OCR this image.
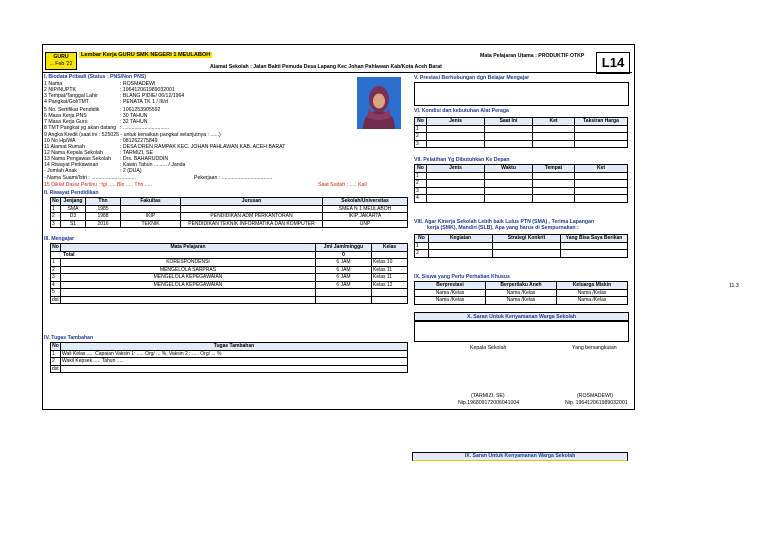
GURU
... Feb '22
Lembar Kerja GURU SMK NEGERI 1 MEULABOH
Alamat Sekolah : Jalan Bakti Pemuda Desa Lapang Kec Johan Pahlawan Kab/Kota Aceh Barat
Mata Pelajaran Utama : PRODUKTIF OTKP	L14
I. Biodata Pribadi (Status : PNS/Non PNS)
1 Nama	: ROSMADEWI
2 NIP/NUPTK	: 196412061989032001
3 Tempat/Tanggal Lahir	: BLANG PIDIE/ 06/12/1964
4 Pangkat/Gol/TMT	: PENATA TK 1 / III/d
5 No. Sertifikat Pendidik	: 1061253905592
6 Masa Kerja PNS	: 30 TAHUN
7 Masa Kerja Guru	: 32 TAHUN
8 TMT Pangkat yg akan datang : ................................
9 Angka Kredit (saat ini : 525025 - untuk kenaikan pangkat selanjutnya : ......)
10 No Hp/WA	: 081262275849
11 Alamat Rumah	: DESA DREN RAMPAK KEC. JOHAN PAHLAWAN KAB. ACEH BARAT
12 Nama Kepala Sekolah	: TARMIZI, SE
13 Nama Pengawas Sekolah : Drs. BAHARUDDIN
14 Riwayat Perkawinan	: Kawin Tahun ......... / Janda
- Jumlah Anak	: 2 (DUA)
- Nama Suami/Istri : ...............................	Pekerjaan : ...................................
15 Diklat Dasar Perlinu : tgl ..... Bln ..... Thn .....	Saat Sudah : ..... Kali
II. Riwayat Pendidikan
No	Jenjang	Thn	Fakultas	Jurusan	Sekolah/Universitas
1	SMA	1985			SMEA N 1 MEULABOH
2	D3	1988	IKIP	PENDIDIKAN ADM PERKANTORAN	IKIP JAKARTA
3	S1	2016	TEKNIK	PENDIDIKAN TEKNIK INFORMATIKA DAN KOMPUTER	UNP
III. Mengajar
No	Mata Pelajaran	Jml Jam/minggu	Kelas
Total		0	
1	KORESPONDENSI	6 JAM	Kelas 10
2	MENGELOLA SARPRAS	6 JAM	Kelas 11
3	MENGELOLA KEPEGAWAIAN	6 JAM	Kelas 11
4	MENGELOLA KEPEGAWAIAN	6 JAM	Kelas 12
5			
dst			
IV. Tugas Tambahan
No	Tugas Tambahan
1	Wali Kelas ..... Capaian Vaksin 1: ..... Org/ ... %, Vaksin 2 : ..... Org/ ... %
2	Wakil Kepsek ..... Tahun .....
dst	
V. Prestasi Berhubungan dgn Belajar Mengajar
VI. Kondisi dan kebutuhan Alat Peraga
No	Jenis	Saat Ini	Ket	Taksiran Harga
1				
2				
3				
VII. Pelatihan Yg Dibutuhkan Ke Depan
No	Jenis	Waktu	Tempat	Ket
1				
2				
3				
4				
VIII. Agar Kinerja Sekolah Lebih baik Lulus PTN (SMA) , Terima Lapangan
kerja (SMK), Mandiri (SLB), Apa yang harus di Sempurnakan :
No	Kegiatan	Strategi Konkrit	Yang Bisa Saya Berikan
1			
2			
IX. Siswa yang Perlu Perhatian Khusus
Berprestasi	Berperilaku Aneh	Keluarga Miskin
Nama /Kelas	Nama /Kelas	Nama /Kelas
Nama /Kelas	Nama /Kelas	Nama /Kelas
11.3
X. Saran Untuk Kenyamanan Warga Sekolah
Kepala Sekolah	Yang bersangkutan
(TARMIZI, SE)
Nip.196809172006041004
(ROSMADEWI)
Nip. 196412061989032001
IX. Saran Untuk Kenyamanan Warga Sekolah
